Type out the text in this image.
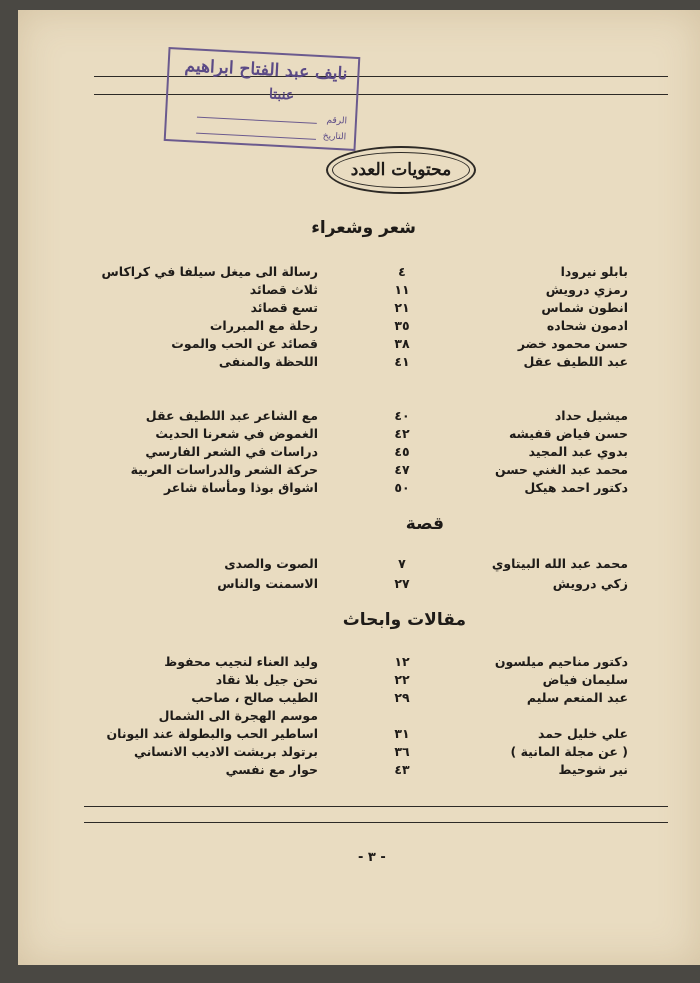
نايف عبد الفتاح ابراهيم
عنبتا
الرقم
التاريخ
محتويات العدد
شعر وشعراء
بابلو نيرودا
٤
رسالة الى ميغل سيلفا في كراكاس
رمزي درويش
١١
ثلاث قصائد
انطون شماس
٢١
تسع قصائد
ادمون شحاده
٣٥
رحلة مع المبررات
حسن محمود خضر
٣٨
قصائد عن الحب والموت
عبد اللطيف عقل
٤١
اللحظة والمنفى
ميشيل حداد
٤٠
مع الشاعر عبد اللطيف عقل
حسن فياض قفيشه
٤٢
الغموض في شعرنا الحديث
بدوي عبد المجيد
٤٥
دراسات في الشعر الفارسي
محمد عبد الغني حسن
٤٧
حركة الشعر والدراسات العربية
دكتور احمد هيكل
٥٠
اشواق بوذا ومأساة شاعر
قصة
محمد عبد الله البيتاوي
٧
الصوت والصدى
زكي درويش
٢٧
الاسمنت والناس
مقالات وابحاث
دكتور مناحيم ميلسون
١٢
وليد العناء لنجيب محفوظ
سليمان فياض
٢٢
نحن جيل بلا نقاد
عبد المنعم سليم
٢٩
الطيب صالح ، صاحب
موسم الهجرة الى الشمال
علي خليل حمد
٣١
اساطير الحب والبطولة عند اليونان
( عن مجلة المانية )
٣٦
برتولد بريشت الاديب الانساني
نير شوحيط
٤٣
حوار مع نفسي
- ٣ -
